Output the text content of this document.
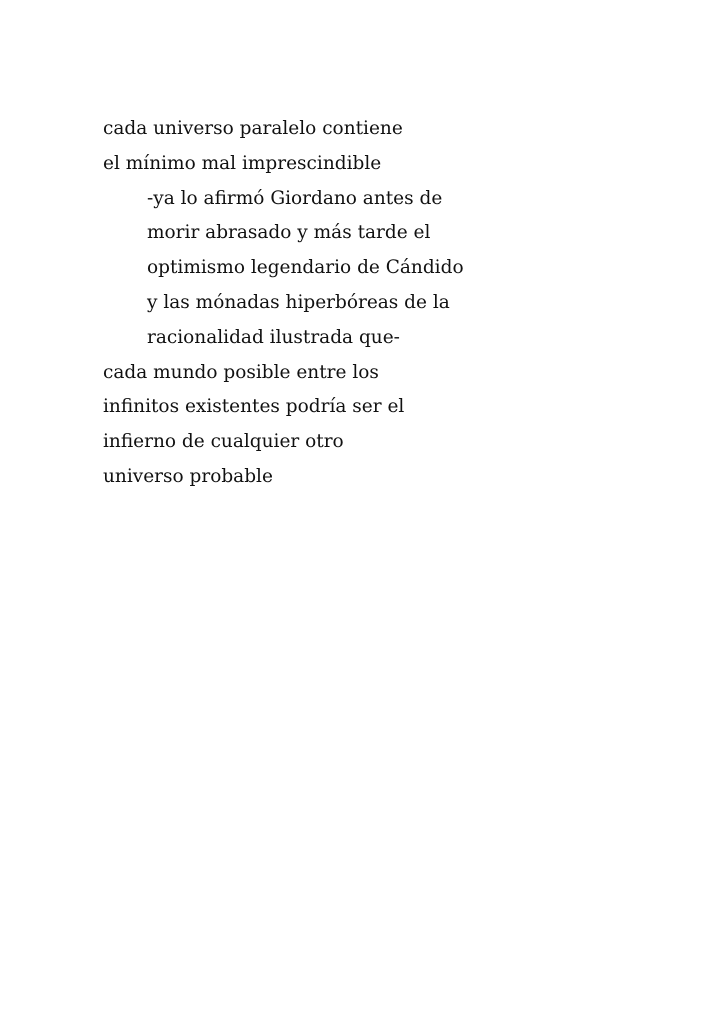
cada universo paralelo contiene
el mínimo mal imprescindible
-ya lo afirmó Giordano antes de
morir abrasado y más tarde el
optimismo legendario de Cándido
y las mónadas hiperbóreas de la
racionalidad ilustrada que-
cada mundo posible entre los
infinitos existentes podría ser el
infierno de cualquier otro
universo probable
